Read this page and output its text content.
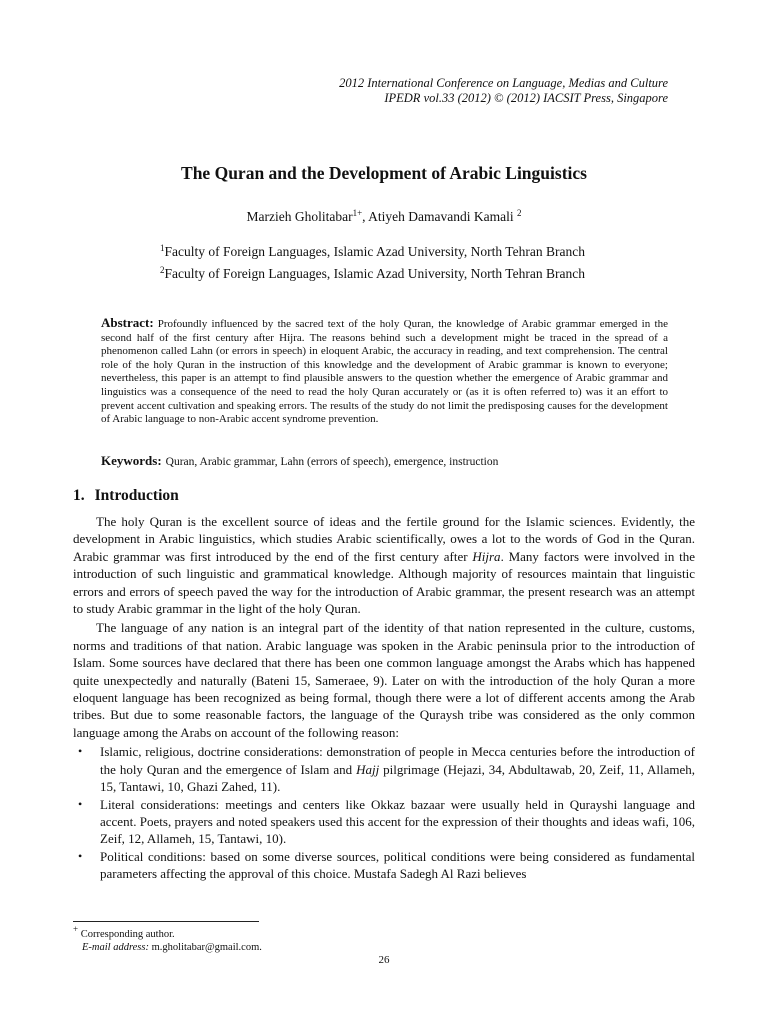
2012 International Conference on Language, Medias and Culture
IPEDR vol.33 (2012) © (2012) IACSIT Press, Singapore
The Quran and the Development of Arabic Linguistics
Marzieh Gholitabar$^{1+}$, Atiyeh Damavandi Kamali $^2$
$^1$Faculty of Foreign Languages, Islamic Azad University, North Tehran Branch
$^2$Faculty of Foreign Languages, Islamic Azad University, North Tehran Branch
Abstract: Profoundly influenced by the sacred text of the holy Quran, the knowledge of Arabic grammar emerged in the second half of the first century after Hijra. The reasons behind such a development might be traced in the spread of a phenomenon called Lahn (or errors in speech) in eloquent Arabic, the accuracy in reading, and text comprehension. The central role of the holy Quran in the instruction of this knowledge and the development of Arabic grammar is known to everyone; nevertheless, this paper is an attempt to find plausible answers to the question whether the emergence of Arabic grammar and linguistics was a consequence of the need to read the holy Quran accurately or (as it is often referred to) was it an effort to prevent accent cultivation and speaking errors. The results of the study do not limit the predisposing causes for the development of Arabic language to non-Arabic accent syndrome prevention.
Keywords: Quran, Arabic grammar, Lahn (errors of speech), emergence, instruction
1. Introduction

The holy Quran is the excellent source of ideas and the fertile ground for the Islamic sciences. Evidently, the development in Arabic linguistics, which studies Arabic scientifically, owes a lot to the words of God in the Quran. Arabic grammar was first introduced by the end of the first century after Hijra. Many factors were involved in the introduction of such linguistic and grammatical knowledge. Although majority of resources maintain that linguistic errors and errors of speech paved the way for the introduction of Arabic grammar, the present research was an attempt to study Arabic grammar in the light of the holy Quran.

The language of any nation is an integral part of the identity of that nation represented in the culture, customs, norms and traditions of that nation. Arabic language was spoken in the Arabic peninsula prior to the introduction of Islam. Some sources have declared that there has been one common language amongst the Arabs which has happened quite unexpectedly and naturally (Bateni 15, Sameraee, 9). Later on with the introduction of the holy Quran a more eloquent language has been recognized as being formal, though there were a lot of different accents among the Arab tribes. But due to some reasonable factors, the language of the Quraysh tribe was considered as the only common language among the Arabs on account of the following reason:

• Islamic, religious, doctrine considerations: demonstration of people in Mecca centuries before the introduction of the holy Quran and the emergence of Islam and Hajj pilgrimage (Hejazi, 34, Abdultawab, 20, Zeif, 11, Allameh, 15, Tantawi, 10, Ghazi Zahed, 11).
• Literal considerations: meetings and centers like Okkaz bazaar were usually held in Qurayshi language and accent. Poets, prayers and noted speakers used this accent for the expression of their thoughts and ideas wafi, 106, Zeif, 12, Allameh, 15, Tantawi, 10).
• Political conditions: based on some diverse sources, political conditions were being considered as fundamental parameters affecting the approval of this choice. Mustafa Sadegh Al Razi believes
+ Corresponding author.
E-mail address: m.gholitabar@gmail.com.
26
